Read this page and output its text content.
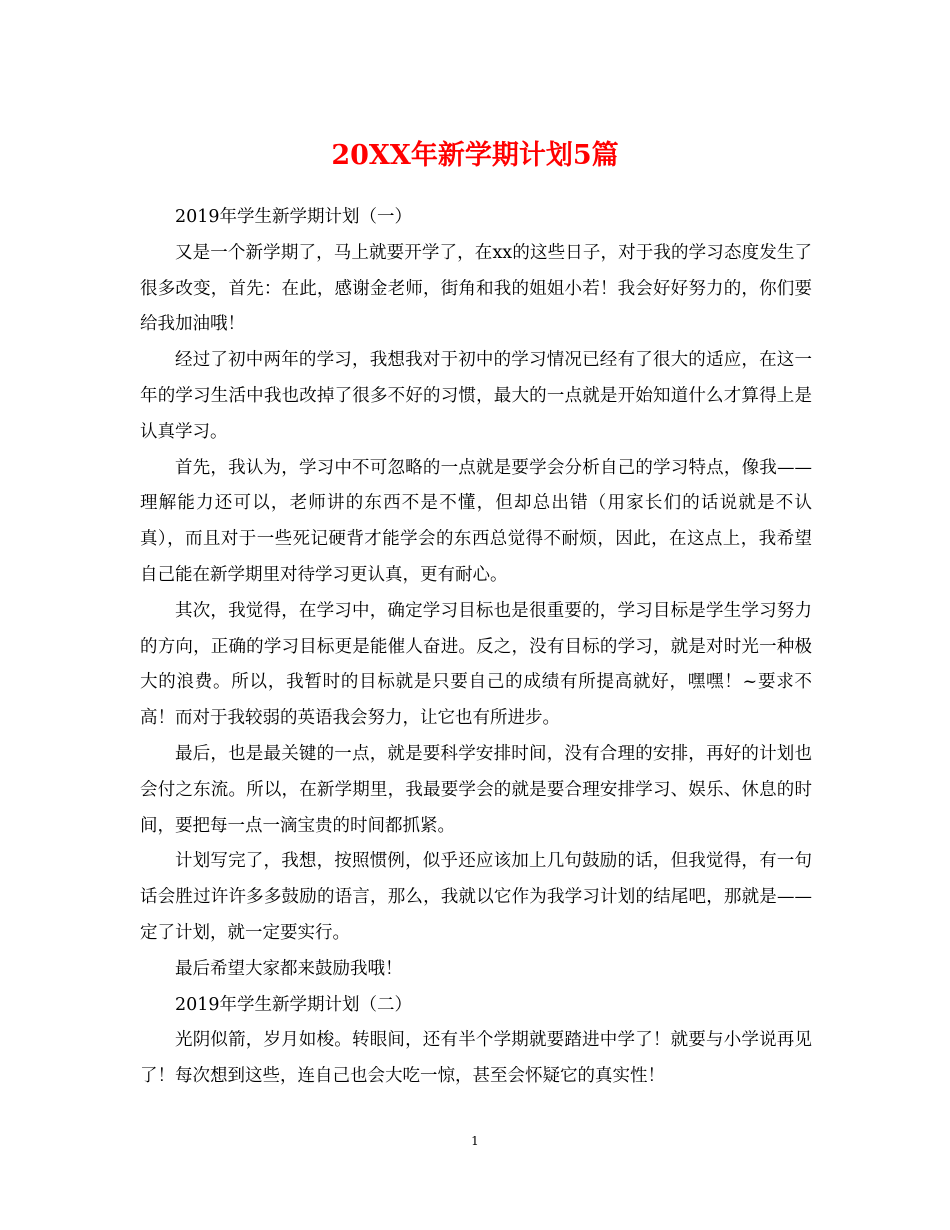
20XX年新学期计划5篇

2019年学生新学期计划（一）

又是一个新学期了，马上就要开学了，在xx的这些日子，对于我的学习态度发生了很多改变，首先：在此，感谢金老师，街角和我的姐姐小若！我会好好努力的，你们要给我加油哦！

经过了初中两年的学习，我想我对于初中的学习情况已经有了很大的适应，在这一年的学习生活中我也改掉了很多不好的习惯，最大的一点就是开始知道什么才算得上是认真学习。

首先，我认为，学习中不可忽略的一点就是要学会分析自己的学习特点，像我——理解能力还可以，老师讲的东西不是不懂，但却总出错（用家长们的话说就是不认真），而且对于一些死记硬背才能学会的东西总觉得不耐烦，因此，在这点上，我希望自己能在新学期里对待学习更认真，更有耐心。

其次，我觉得，在学习中，确定学习目标也是很重要的，学习目标是学生学习努力的方向，正确的学习目标更是能催人奋进。反之，没有目标的学习，就是对时光一种极大的浪费。所以，我暂时的目标就是只要自己的成绩有所提高就好，嘿嘿！~要求不高！而对于我较弱的英语我会努力，让它也有所进步。

最后，也是最关键的一点，就是要科学安排时间，没有合理的安排，再好的计划也会付之东流。所以，在新学期里，我最要学会的就是要合理安排学习、娱乐、休息的时间，要把每一点一滴宝贵的时间都抓紧。

计划写完了，我想，按照惯例，似乎还应该加上几句鼓励的话，但我觉得，有一句话会胜过许许多多鼓励的语言，那么，我就以它作为我学习计划的结尾吧，那就是——定了计划，就一定要实行。

最后希望大家都来鼓励我哦！

2019年学生新学期计划（二）

光阴似箭，岁月如梭。转眼间，还有半个学期就要踏进中学了！就要与小学说再见了！每次想到这些，连自己也会大吃一惊，甚至会怀疑它的真实性！

1
